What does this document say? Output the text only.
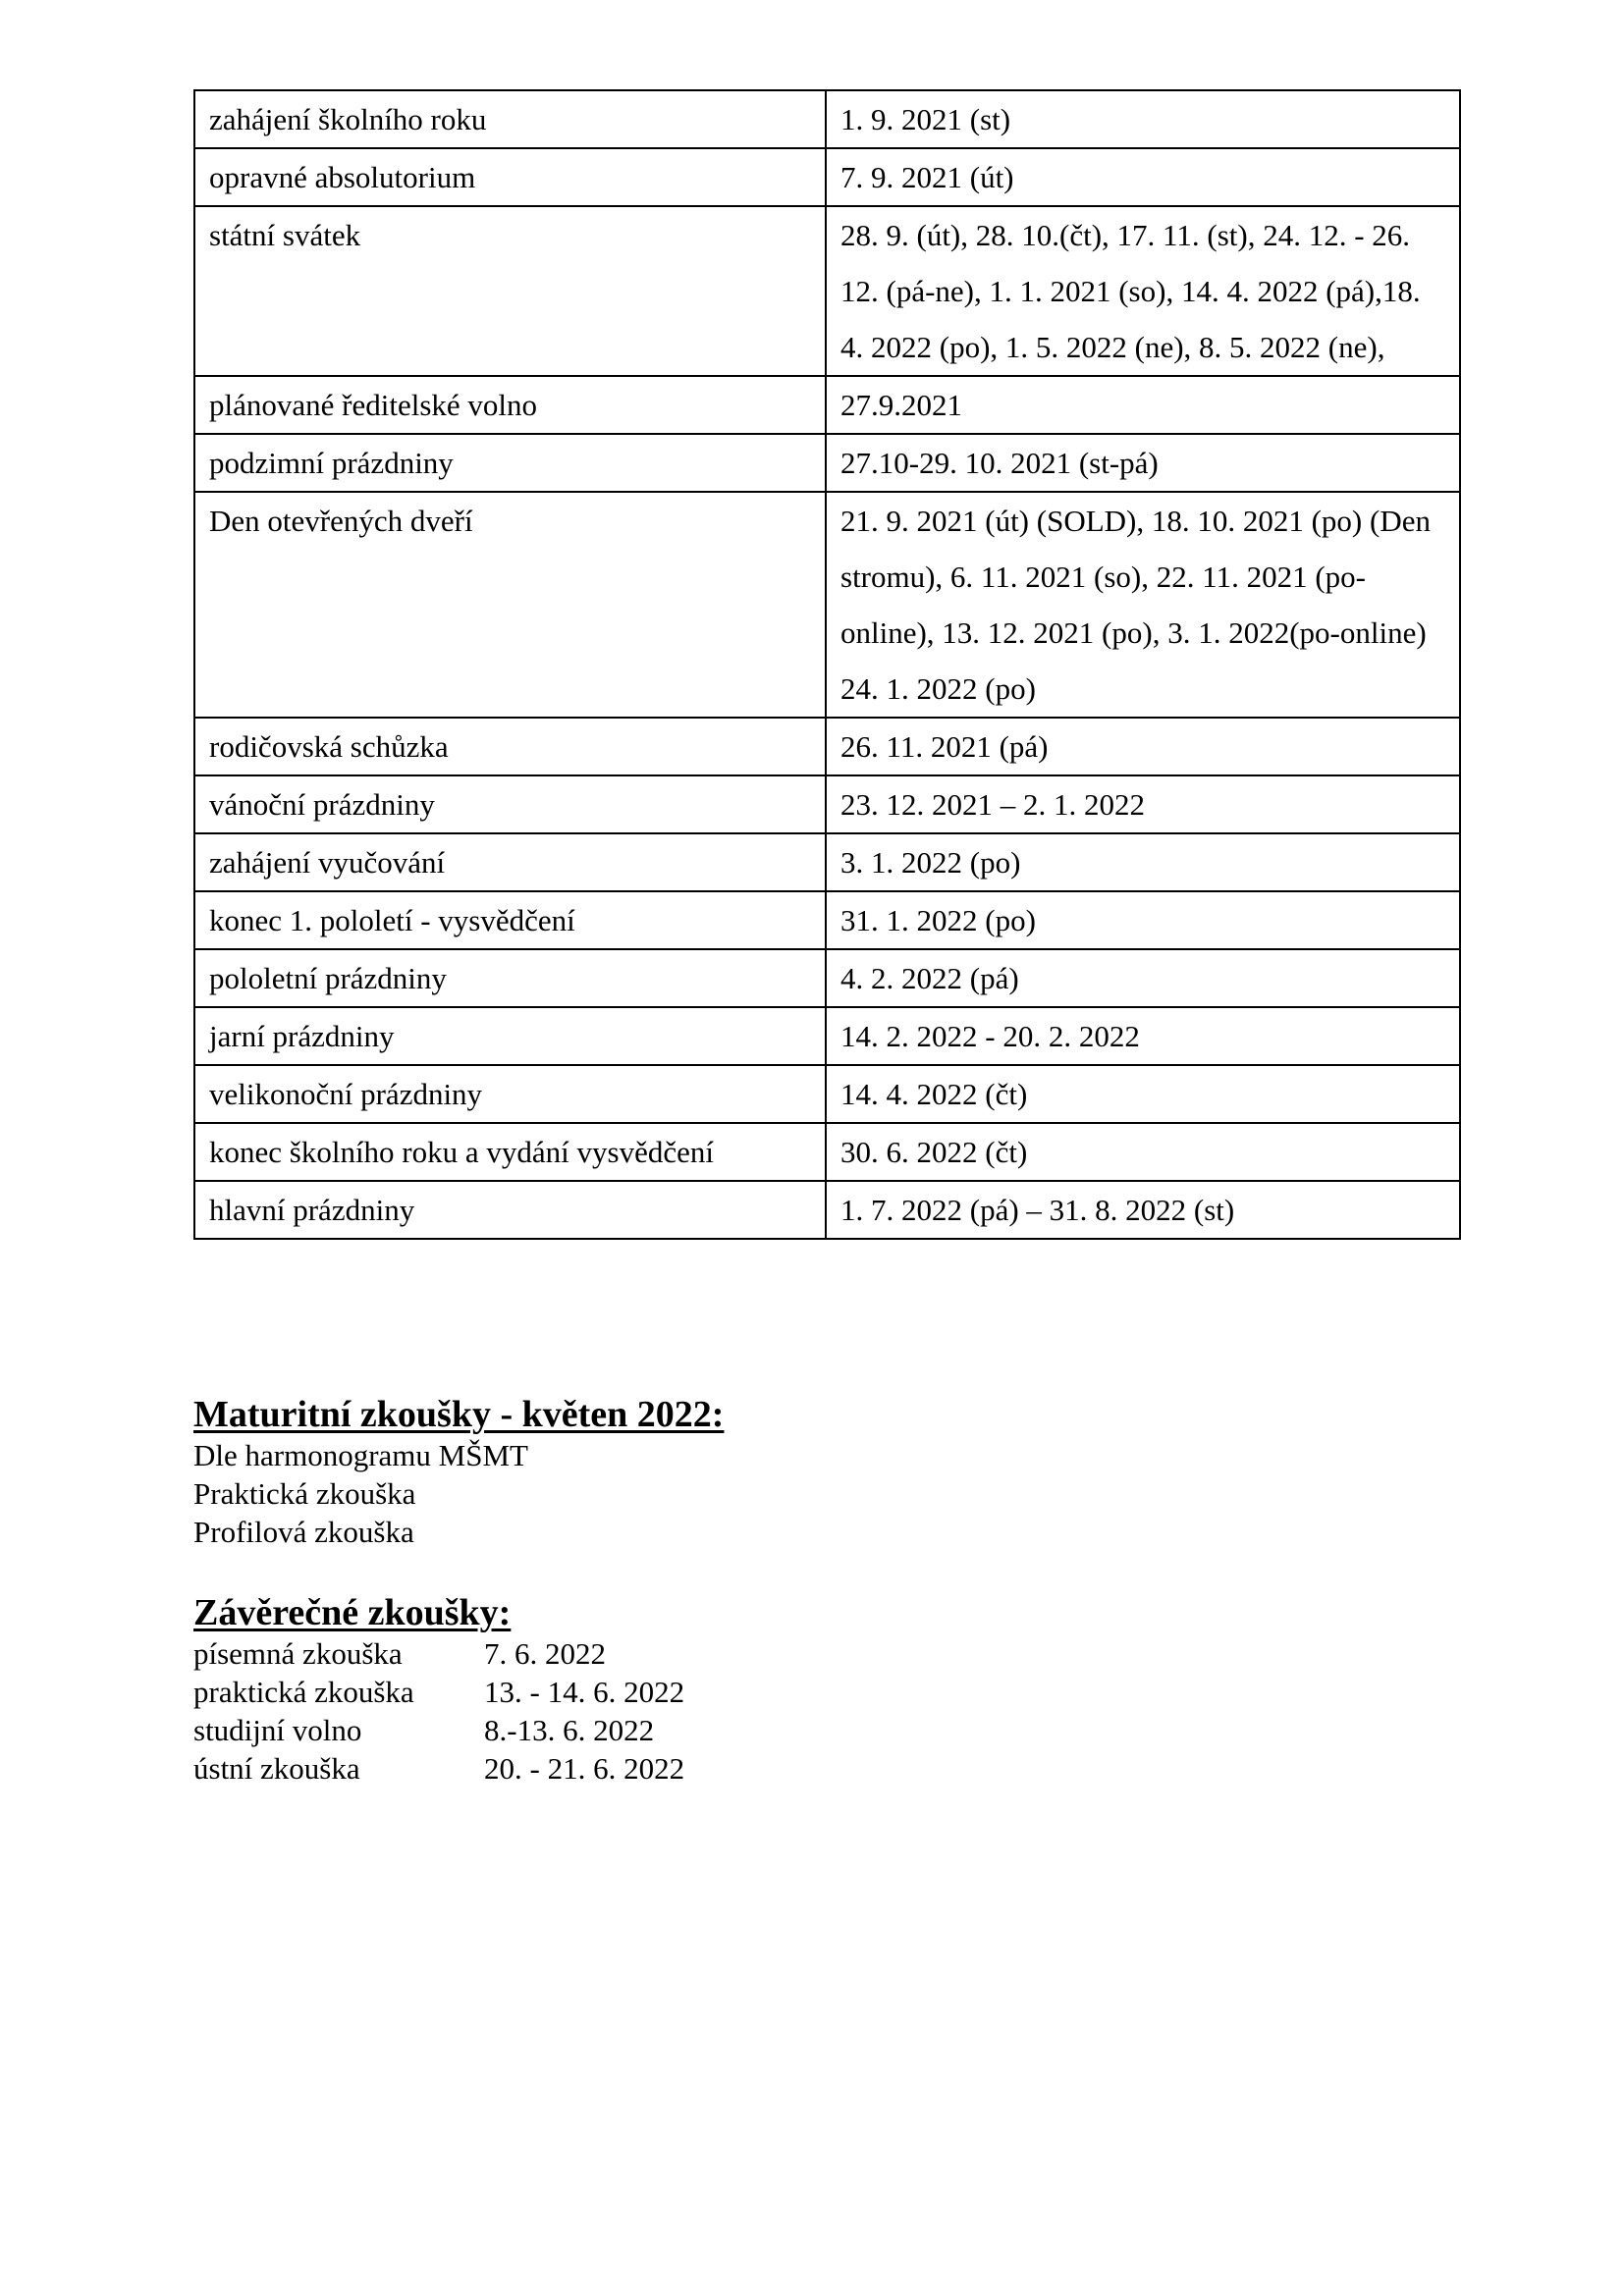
zahájení školního roku	1. 9. 2021 (st)
opravné absolutorium	7. 9. 2021 (út)
státní svátek	28. 9. (út), 28. 10.(čt), 17. 11. (st), 24. 12. - 26. 12. (pá-ne), 1. 1. 2021 (so), 14. 4. 2022 (pá),18. 4. 2022 (po), 1. 5. 2022 (ne), 8. 5. 2022 (ne),
plánované ředitelské volno	27.9.2021
podzimní prázdniny	27.10-29. 10. 2021 (st-pá)
Den otevřených dveří	21. 9. 2021 (út) (SOLD), 18. 10. 2021 (po) (Den stromu), 6. 11. 2021 (so), 22. 11. 2021 (po-online), 13. 12. 2021 (po), 3. 1. 2022(po-online) 24. 1. 2022 (po)
rodičovská schůzka	26. 11. 2021 (pá)
vánoční prázdniny	23. 12. 2021 – 2. 1. 2022
zahájení vyučování	3. 1. 2022 (po)
konec 1. pololetí - vysvědčení	31. 1. 2022 (po)
pololetní prázdniny	4. 2. 2022 (pá)
jarní prázdniny	14. 2. 2022 - 20. 2. 2022
velikonoční prázdniny	14. 4. 2022 (čt)
konec školního roku a vydání vysvědčení	30. 6. 2022 (čt)
hlavní prázdniny	1. 7. 2022 (pá) – 31. 8. 2022 (st)

Maturitní zkoušky - květen 2022:

Dle harmonogramu MŠMT

Praktická zkouška

Profilová zkouška

Závěrečné zkoušky:

písemná zkouška	7. 6. 2022
praktická zkouška	13. - 14. 6. 2022
studijní volno	8.-13. 6. 2022
ústní zkouška	20. - 21. 6. 2022
